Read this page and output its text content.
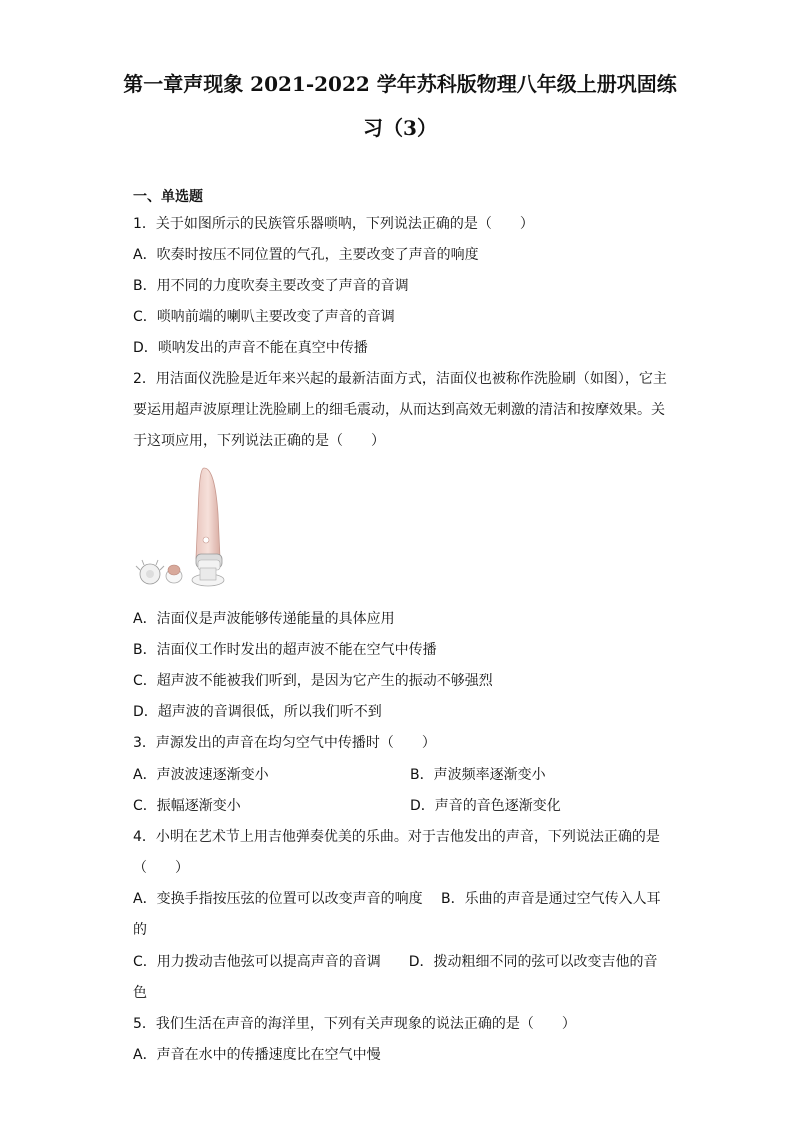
第一章声现象 2021-2022 学年苏科版物理八年级上册巩固练
习（3）
一、单选题
1．关于如图所示的民族管乐器唢呐，下列说法正确的是（　　）
A．吹奏时按压不同位置的气孔，主要改变了声音的响度
B．用不同的力度吹奏主要改变了声音的音调
C．唢呐前端的喇叭主要改变了声音的音调
D．唢呐发出的声音不能在真空中传播
2．用洁面仪洗脸是近年来兴起的最新洁面方式，洁面仪也被称作洗脸刷（如图），它主
要运用超声波原理让洗脸刷上的细毛震动，从而达到高效无刺激的清洁和按摩效果。关
于这项应用，下列说法正确的是（　　）
A．洁面仪是声波能够传递能量的具体应用
B．洁面仪工作时发出的超声波不能在空气中传播
C．超声波不能被我们听到，是因为它产生的振动不够强烈
D．超声波的音调很低，所以我们听不到
3．声源发出的声音在均匀空气中传播时（　　）
A．声波波速逐渐变小	B．声波频率逐渐变小
C．振幅逐渐变小	D．声音的音色逐渐变化
4．小明在艺术节上用吉他弹奏优美的乐曲。对于吉他发出的声音，下列说法正确的是
（　　）
A．变换手指按压弦的位置可以改变声音的响度　 B．乐曲的声音是通过空气传入人耳
的
C．用力拨动吉他弦可以提高声音的音调　　D．拨动粗细不同的弦可以改变吉他的音
色
5．我们生活在声音的海洋里，下列有关声现象的说法正确的是（　　）
A．声音在水中的传播速度比在空气中慢
